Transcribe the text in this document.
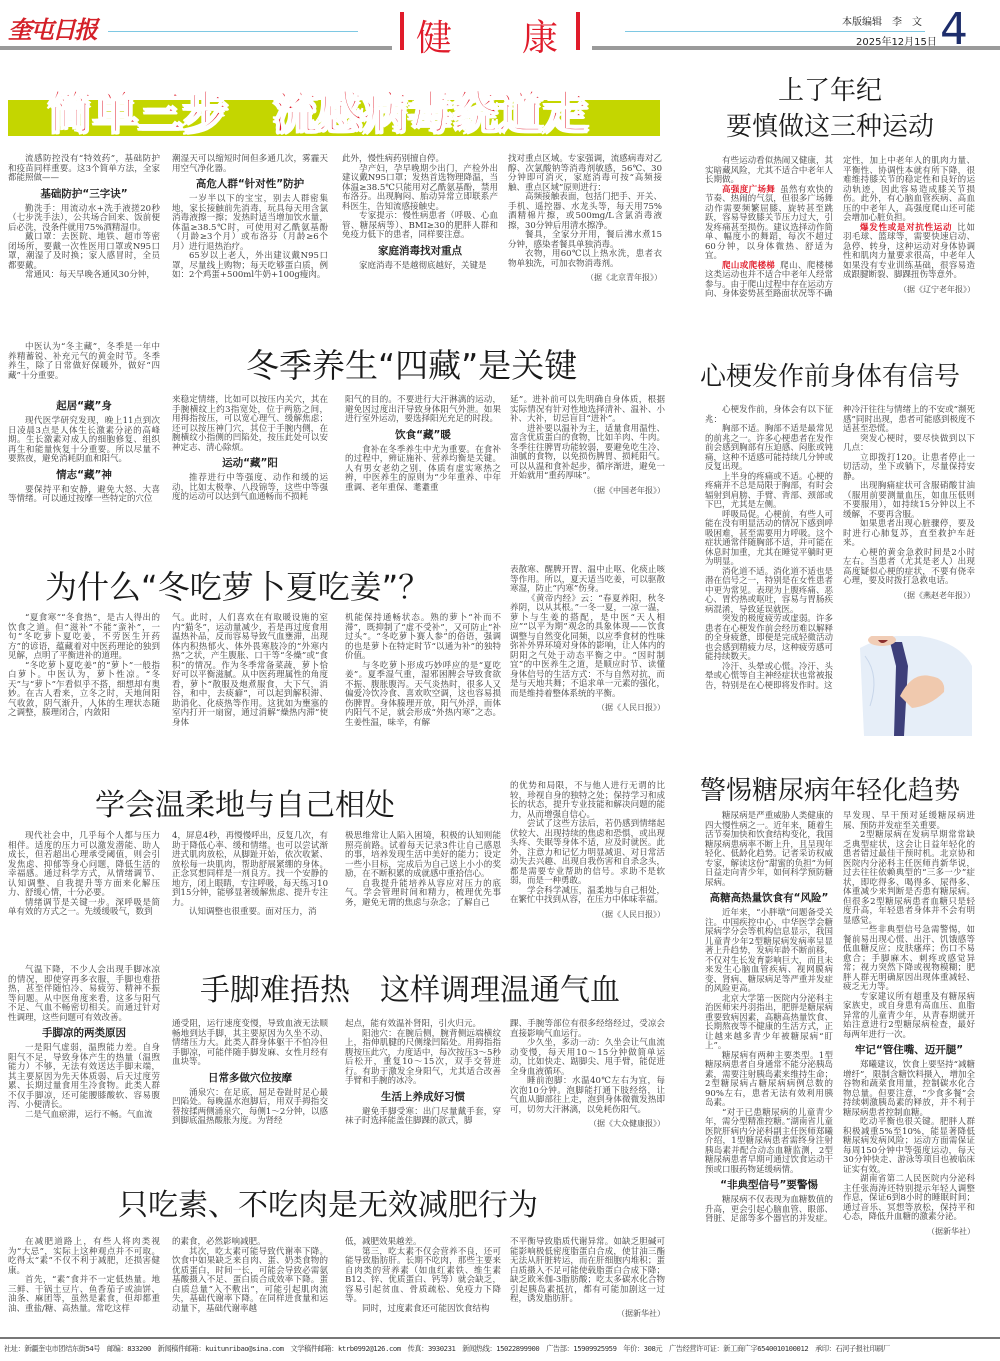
奎屯日报	健 康	本版编辑　李　文
2025年12月15日 4
简单三步　流感病毒绕道走

流感防控没有“特效药”，基础防护和疫苗同样重要。这3个简单方法，全家都能照做——

基础防护“三字诀”

勤洗手：用流动水+洗手液搓20秒（七步洗手法），公共场合回来、饭前便后必洗，没条件就用75%酒精湿巾。

戴口罩：去医院、地铁、超市等密闭场所，要戴一次性医用口罩或N95口罩，潮湿了及时换；家人感冒时，全员都要戴。

常通风：每天早晚各通风30分钟，

潮湿天可以缩短时间但多通几次，雾霾天用空气净化器。

高危人群“针对性”防护

一岁半以下的宝宝，别去人群密集地，家长接触前先消毒，玩具每天用含氯消毒液擦一擦；发热时适当增加饮水量，体温≥38.5℃时，可使用对乙酰氨基酚（月龄≥3个月）或布洛芬（月龄≥6个月）进行退热治疗。

65岁以上老人，外出建议戴N95口罩，尽量线上购物；每天吃够蛋白质，例如：2个鸡蛋+500ml牛奶+100g瘦肉。

此外，慢性病药别擅自停。

孕产妇，孕早晚期少出门，产检外出建议戴N95口罩；发热首选物理降温，当体温≥38.5℃只能用对乙酰氨基酚，禁用布洛芬。出现胸闷、胎动异常立即联系产科医生，告知流感接触史。

专家提示：慢性病患者（呼吸、心血管、糖尿病等）、BMI≥30的肥胖人群和免疫力低下的患者，同样要注意。

家庭消毒找对重点

家庭消毒不是越彻底越好，关键是

找对重点区域。专家强调，流感病毒对乙醇、次氯酸钠等消毒剂敏感，56℃、30分钟即可消灭，家庭消毒可按“高频接触、重点区域”原则进行：

高频接触表面，包括门把手、开关、手机、遥控器、水龙头等，每天用75%酒精棉片擦，或500mg/L含氯消毒液擦，30分钟后用清水擦净。

餐具，全家分开用，餐后沸水煮15分钟，感染者餐具单独消毒。

衣物，用60℃以上热水洗，患者衣物单独洗，可加衣物消毒剂。

（据《北京青年报》）

上了年纪
要慎做这三种运动

有些运动看似热闹又健康，其实暗藏风险，尤其不适合中老年人长期做。

高强度广场舞 虽然有欢快的节奏、热闹的气氛，但很多广场舞动作需要频繁屈膝、旋转甚至跳跃，容易导致膝关节压力过大，引发疼痛甚至损伤。建议选择动作简单、幅度小的舞蹈，每次不超过60分钟，以身体微热、舒适为宜。

爬山或爬楼梯 爬山、爬楼梯这类运动也并不适合中老年人经常参与。由于爬山过程中存在运动方向、身体姿势甚至路面状况等不确

定性，加上中老年人的肌肉力量、平衡性、协调性本就有所下降，很难维持膝关节的稳定性和良好的运动轨迹，因此容易造成膝关节损伤。此外，有心脑血管疾病、高血压的中老年人，高强度爬山还可能会增加心脏负担。

爆发性或是对抗性运动 比如羽毛球、篮球等，需要快速启动、急停、转身，这种运动对身体协调性和肌肉力量要求很高，中老年人如果没有专业训练基础，很容易造成跟腱断裂、脚踝扭伤等意外。

（据《辽宁老年报》）

冬季养生“四藏”是关键

中医认为“冬主藏”，冬季是一年中养精蓄锐、补充元气的黄金时节。冬季养生，除了日常做好保暖外，做好“四藏”十分重要。

起居“藏”身

现代医学研究发现，晚上11点到次日凌晨3点是人体生长激素分泌的高峰期。生长激素对成人的细胞修复、组织再生和能量恢复十分重要。所以尽量不要熬夜，避免消耗阴血和阳气。

情志“藏”神

要保持平和安静，避免大怒、大喜等情绪。可以通过按摩一些特定的穴位

来稳定情绪，比如可以按压内关穴，其在手腕横纹上约3指宽处，位于两筋之间，用拇指按压，可以宽心理气、缓解焦虑；还可以按压神门穴，其位于手腕内侧，在腕横纹小指侧的凹陷处，按压此处可以安神定志、清心除烦。

运动“藏”阳

推荐进行中等强度、动作和缓的运动，比如太极拳、八段锦等，这些中等强度的运动可以达到气血通畅而不损耗

阳气的目的。不要进行大汗淋漓的运动，避免因过度出汗导致身体阳气外泄。如果进行室外运动，要选择阳光充足的时段。

饮食“藏”暖

食补在冬季养生中尤为重要。在食补的过程中，辨证施补、营养均衡是关键。人有男女老幼之别，体质有虚实寒热之辨，中医养生的原则为“少年重养、中年重调、老年重保、耄耋重

延”。进补前可以先明确自身体质，根据实际情况有针对性地选择清补、温补、小补、大补，切忌盲目“进补”。

进补要以温补为主，适量食用温性、富含优质蛋白的食物，比如羊肉、牛肉。冬季往往脾胃功能较弱，要避免吃生冷、油腻的食物，以免损伤脾胃、损耗阳气。可以从温和食补起步，循序渐进，避免一开始就用“重药厚味”。

（据《中国老年报》）

心梗发作前身体有信号

心梗发作前，身体会有以下征兆：

胸部不适。胸部不适是最常见的前兆之一。许多心梗患者在发作前会感到胸部有压迫感、闷胀或钝痛，这种不适感可能持续几分钟或反复出现。

上半身的疼痛或不适。心梗的疼痛并不总是局限于胸部，有时会辐射到肩膀、手臂、背部、颈部或下巴，尤其是左侧。

呼吸局促。心梗前，有些人可能在没有明显活动的情况下感到呼吸困难，甚至需要用力呼吸。这个症状通常伴随胸部不适，并可能在休息时加重，尤其在睡觉平躺时更为明显。

消化道不适。消化道不适也是潜在信号之一，特别是在女性患者中更为常见。表现为上腹疼痛、恶心、胃灼热或呕吐，容易与胃肠疾病混淆，导致延误就医。

突发的极度疲劳或虚弱。许多患者在心梗发作前会经历难以解释的全身疲惫，即便是完成轻微活动也会感到精疲力尽，这种疲劳感可能持续数天。

冷汗、头晕或心慌。冷汗、头晕或心慌等自主神经症状也常被报告，特别是在心梗即将发作时。这

种冷汗往往与情绪上的不安或“濒死感”同时出现，患者可能感到极度不适甚至恐慌。

突发心梗时，要尽快做到以下几点：

立即拨打120。让患者停止一切活动，坐下或躺下，尽量保持安静。

出现胸痛症状可含服硝酸甘油（服用前要测量血压，如血压低则不要服用），如持续15分钟以上不缓解，不要再含服。

如果患者出现心脏骤停，要及时进行心肺复苏，直至救护车赶来。

心梗的黄金急救时间是2小时左右。当患者（尤其是老人）出现高度疑似心梗的症状，不要有侥幸心理，要及时拨打急救电话。

（据《燕赵老年报》）

为什么“冬吃萝卜夏吃姜”？

“夏食寒”“冬食热”，是古人得出的饮食之道。但“滋补”不能“蛮补”，一句“冬吃萝卜夏吃姜，不劳医生开药方”的谚语，蕴藏着对中医药理论的独到见解，点明了平衡进补的道理。

“冬吃萝卜夏吃姜”的“萝卜”一般指白萝卜。中医认为，萝卜性凉。“冬天”与“萝卜”乍看似乎不搭，细想却有奥妙。在古人看来，立冬之时，天地间阳气收敛，阴气渐升，人体的生理状态随之调整，腠理闭合，内敛阳

气。此时，人们喜欢在有取暖设施的室内“猫冬”，运动量减少，若是再过度食用温热补品，反而容易导致气血壅滞，出现体内积热郁火、体外畏寒肢冷的“外寒内热”之状，产生腹胀、口干等“冬燥”或“食积”的情况。作为冬季常备菜蔬，萝卜恰好可以平衡滋腻。从中医药理属性的角度看，萝卜“散服及炮煮服食，大下气，消谷，和中，去痰癖”，可以起到解积滞、助消化、化痰热等作用。这犹如为壅塞的室内打开一扇窗，通过消解“燥热内滞”使身体

机能保持通畅状态。熟的萝卜“补而不滞”，既抑制了“虚不受补”，又可防止“补过头”。“冬吃萝卜赛人参”的俗语，强调的也是萝卜在特定时节“以通为补”的独特价值。

与冬吃萝卜形成巧妙呼应的是“夏吃姜”。夏季湿气重，湿邪困脾会导致食欲不振、腹胀腹泻。天气炎热时，很多人又偏爱冷饮冷食、喜欢吹空调，这也容易损伤脾胃。身体腠理开放，阳气外浮，而体内阳气不足，就会形成“外热内寒”之态。生姜性温，味辛，有解

表散寒、醒脾开胃、温中止呕、化痰止咳等作用。所以，夏天适当吃姜，可以驱散寒湿，防止“内寒”伤身。

《黄帝内经》云：“春夏养阳，秋冬养阴，以从其根。”一冬一夏，一凉一温，萝卜与生姜的搭配，是中医“天人相应”“以平为期”观念的具象体现——饮食调整与自然变化同频，以应季食材的性味弥补外界环境对身体的影响，让人体内的阴阳之气处于动态平衡之中。“因时制宜”的中医养生之道，是顺应时节、读懂身体信号的生活方式：不与自然对抗，而是与天地共舞；不追求单一元素的强化，而是维持着整体系统的平衡。

（据《人民日报》）

学会温柔地与自己相处

现代社会中，几乎每个人都与压力相伴。适度的压力可以激发潜能、助人成长，但若超出心理承受阈值，则会引发焦虑、抑郁等身心问题，降低生活的幸福感。通过科学方式，从情绪调节、认知调整、自我提升等方面来化解压力、舒缓心情，十分必要。

情绪调节是关键一步。深呼吸是简单有效的方式之一。先缓缓吸气，数到

4，屏息4秒，再慢慢呼出，反复几次，有助于降低心率、缓和情绪。也可以尝试渐进式肌肉放松，从脚趾开始，依次收紧、放松每一块肌肉，帮助舒展紧绷的身体。正念冥想同样是一剂良方。找一个安静的地方，闭上眼睛，专注呼吸，每天练习10到15分钟，能够显著缓解焦虑、提升专注力。

认知调整也很重要。面对压力，消

极思维常让人陷入困境，积极的认知则能照亮前路。试着每天记录3件让自己感恩的事，培养发现生活中美好的能力；设定一些小目标，完成后为自己送上小小的奖励，在不断积累的成就感中重拾信心。

自我提升能培养从容应对压力的底气。学会管理时间和精力，梳理优先事务，避免无谓的焦虑与杂念；了解自己

的优势和局限，不与他人进行无谓的比较，珍视自身的独特之处；保持学习和成长的状态，提升专业技能和解决问题的能力，从而增强自信心。

尝试了这些方法后，若仍感到情绪起伏较大、出现持续的焦虑和恐惧，或出现头疼、失眠等身体不适，应及时就医。此外，注意力和记忆力明显减退、对日常活动失去兴趣、出现自我伤害和自杀念头，都是需要专业帮助的信号。求助不是软弱，而是一种勇敢。

学会科学减压，温柔地与自己相处，在繁忙中找到从容，在压力中体味幸福。

（据《人民日报》）

警惕糖尿病年轻化趋势

糖尿病是严重威胁人类健康的四大慢性病之一。近年来，随着生活节奏加快和饮食结构变化，我国糖尿病患病率不断上升，且呈现年轻化、低龄化趋势。记者采访权威专家，解读这份“甜蜜的负担”为何日益走向青少年，如何科学预防糖尿病。

高糖高热量饮食有“风险”

近年来，“小胖墩”问题备受关注。中国疾控中心、中华医学会糖尿病学分会等机构信息显示，我国儿童青少年2型糖尿病发病率呈显著上升趋势，发病年龄不断前移，不仅对生长发育影响巨大，而且未来发生心脑血管疾病、视网膜病变、肾病、糖尿病足等严重并发症的风险更高。

北京大学第一医院内分泌科主治医师宋丹羽指出，肥胖是糖尿病重要致病因素，高糖高热量饮食、长期熬夜等不健康的生活方式，正让越来越多青少年被糖尿病“盯上”。

糖尿病有两种主要类型。1型糖尿病患者自身通常不能分泌胰岛素，需要注射胰岛素来维持生命；2型糖尿病占糖尿病病例总数的90%左右，患者无法有效利用胰岛素。

“对于已患糖尿病的儿童青少年，需分型精准控糖。”湖南省儿童医院肝病内分泌科副主任医师郑曦介绍，1型糖尿病患者需终身注射胰岛素并配合动态血糖监测，2型糖尿病患者早期可通过饮食运动干预或口服药物延缓病情。

“非典型信号”要警惕

糖尿病不仅表现为血糖数值的升高，更会引起心脑血管、眼部、肾脏、足部等多个器官的并发症。

早发现、早干预对延缓糖尿病进展、预防并发症至关重要。

2型糖尿病在发病早期常常缺乏典型症状，这会让日益年轻化的患者错过最佳干预时机。北京协和医院内分泌科主任医师肖新华说，过去往往依赖典型的“三多一少”症状，即吃得多、喝得多、尿得多、体重减少来判断是否患有糖尿病。但很多2型糖尿病患者血糖只是轻度升高，年轻患者身体并不会有明显感觉。

一些非典型信号急需警惕，如餐前易出现心慌、出汗、饥饿感等低血糖反应；皮肤瘙痒；伤口不易愈合；手脚麻木、刺疼或感觉异常；视力突然下降或视物模糊；肥胖人群无明确原因出现体重减轻、疲乏无力等。

专家建议所有超重及有糖尿病家族史，或自身患有高血压、血脂异常的儿童青少年，从青春期就开始注意进行2型糖尿病检查，最好每两年进行一次。

牢记“管住嘴、迈开腿”

郑曦建议，饮食上要坚持“减糖增纤”，限制含糖饮料摄入，增加全谷物和蔬菜食用量，控制碳水化合物总量。但要注意，“少食多餐”会持续刺激胰岛素的释放，并不利于糖尿病患者控制血糖。

吃动平衡也很关键。肥胖人群积极减重5%至10%，能显著降低糖尿病发病风险；运动方面需保证每周150分钟中等强度运动，每天30分钟快走、游泳等项目也被临床证实有效。

湖南省第二人民医院内分泌科主任张海涛还特别提示年轻人调整作息，保证6到8小时的睡眠时间；通过音乐、冥想等放松，保持平和心态，降低升血糖的激素分泌。

（据新华社）

手脚难捂热　这样调理温通气血

气温下降，不少人会出现手脚冰凉的情况，即使穿再多衣服，手脚也难捂热，甚至伴随怕冷、易疲劳、精神不振等问题。从中医角度来看，这多与阳气不足、气血不畅密切相关。而通过针对性调理，这些问题可有效改善。

手脚凉的两类原因

一是阳气虚弱，温煦能力差。自身阳气不足，导致身体产生的热量（温煦能力）不够，无法有效送达手脚末端，其主要原因为先天体质弱、后天过度劳累、长期过量食用生冷食物。此类人群不仅手脚凉，还可能腰膝酸软、容易腹泻、小便清长。

二是气血瘀滞，运行不畅。气血流

通受阻，运行速度变慢，导致血液无法顺畅地到达手脚，其主要原因为久坐不动、情绪压力大。此类人群身体躯干不怕冷但手脚凉，可能伴随手脚发麻、女性月经有血块等。

日常多做穴位按摩

涌泉穴：在足底，屈足卷趾时足心最凹陷处。每晚温水泡脚后，用双手拇指交替按揉两侧涌泉穴，每侧1～2分钟，以感到脚底温热酸胀为度。为肾经

起点，能有效温补肾阳，引火归元。

阳池穴：在腕后侧，腕背侧远端横纹上，指伸肌腱的尺侧缘凹陷处。用拇指指腹按压此穴，力度适中，每次按压3～5秒后松开，重复10～15次，双手交替进行。有助于激发全身阳气，尤其适合改善手臂和手腕的冰冷。

生活上养成好习惯

避免手脚受寒：出门尽量戴手套，穿袜子时选择能盖住脚踝的款式，脚

踝、手腕等部位有很多经络经过，受凉会直接影响气血运行。

少久坐，多动一动：久坐会让气血流动变慢，每天用10～15分钟做简单运动，比如快走、踮脚尖、甩手臂，能促进全身血液循环。

睡前泡脚：水温40℃左右为宜，每次泡10分钟。泡脚能打通下肢经络，让气血从脚部往上走，泡到身体微微发热即可，切勿大汗淋漓，以免耗伤阳气。

（据《大众健康报》）

只吃素、不吃肉是无效减肥行为

在减肥道路上，有些人将肉类视为“大忌”，实际上这种观点并不可取。吃得太“素”不仅不利于减肥，还损害健康。

首先，“素”食并不一定低热量。地三鲜、干锅土豆片、鱼香茄子或油饼、油条、麻团等，虽然是素食，但却都重油、重盐/糖、高热量。常吃这样

的素食，必然影响减肥。

其次，吃太素可能导致代谢率下降。饮食中如果缺乏来自肉、蛋、奶类食物的优质蛋白，时间一长，可能会导致必需氨基酸摄入不足、蛋白质合成效率下降。蛋白质总量“入不敷出”，可能引起肌肉流失，基础代谢率下降。在同样进食量和运动量下，基础代谢率越

低，减肥效果越差。

第三，吃太素不仅会营养不良，还可能导致脂肪肝。长期不吃肉，那些主要来自肉类的营养素（如血红素铁、维生素B12、锌、优质蛋白、钙等）就会缺乏，容易引起贫血、骨质疏松、免疫力下降等。

同时，过度素食还可能因饮食结构

不平衡导致脂质代谢异常。如缺乏胆碱可能影响极低密度脂蛋白合成，使甘油三酯无法从肝脏转运，而在肝细胞内堆积；蛋白质摄入不足可能使载脂蛋白合成下降；缺乏欧米伽-3脂肪酸；吃太多碳水化合物引起胰岛素抵抗，都有可能加剧这一过程，诱发脂肪肝。

（据新华社）

社址：新疆奎屯市团结东街54号　邮编：833200　新闻稿件邮箱：kuitunribao@sina.com　文学稿件邮箱：ktrb0992@126.com　传真：3930231　新闻热线：15022899900　广告部：15909925959　年价：308元　广告经营许可证：新工商广字6540010100012　承印：石河子报社印刷厂
